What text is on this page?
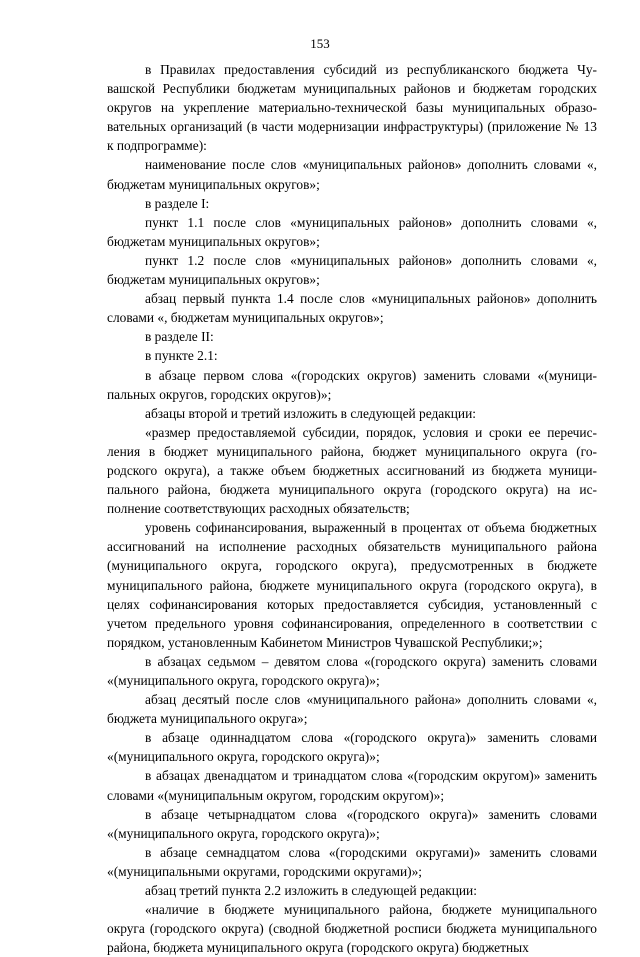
153

в Правилах предоставления субсидий из республиканского бюджета Чувашской Республики бюджетам муниципальных районов и бюджетам городских округов на укрепление материально-технической базы муниципальных образовательных организаций (в части модернизации инфраструктуры) (приложение № 13 к подпрограмме):

наименование после слов «муниципальных районов» дополнить словами «, бюджетам муниципальных округов»;

в разделе I:

пункт 1.1 после слов «муниципальных районов» дополнить словами «, бюджетам муниципальных округов»;

пункт 1.2 после слов «муниципальных районов» дополнить словами «, бюджетам муниципальных округов»;

абзац первый пункта 1.4 после слов «муниципальных районов» дополнить словами «, бюджетам муниципальных округов»;

в разделе II:

в пункте 2.1:

в абзаце первом слова «(городских округов) заменить словами «(муниципальных округов, городских округов)»;

абзацы второй и третий изложить в следующей редакции:

«размер предоставляемой субсидии, порядок, условия и сроки ее перечисления в бюджет муниципального района, бюджет муниципального округа (городского округа), а также объем бюджетных ассигнований из бюджета муниципального района, бюджета муниципального округа (городского округа) на исполнение соответствующих расходных обязательств;

уровень софинансирования, выраженный в процентах от объема бюджетных ассигнований на исполнение расходных обязательств муниципального района (муниципального округа, городского округа), предусмотренных в бюджете муниципального района, бюджете муниципального округа (городского округа), в целях софинансирования которых предоставляется субсидия, установленный с учетом предельного уровня софинансирования, определенного в соответствии с порядком, установленным Кабинетом Министров Чувашской Республики;»;

в абзацах седьмом – девятом слова «(городского округа) заменить словами «(муниципального округа, городского округа)»;

абзац десятый после слов «муниципального района» дополнить словами «, бюджета муниципального округа»;

в абзаце одиннадцатом слова «(городского округа)» заменить словами «(муниципального округа, городского округа)»;

в абзацах двенадцатом и тринадцатом слова «(городским округом)» заменить словами «(муниципальным округом, городским округом)»;

в абзаце четырнадцатом слова «(городского округа)» заменить словами «(муниципального округа, городского округа)»;

в абзаце семнадцатом слова «(городскими округами)» заменить словами «(муниципальными округами, городскими округами)»;

абзац третий пункта 2.2 изложить в следующей редакции:

«наличие в бюджете муниципального района, бюджете муниципального округа (городского округа) (сводной бюджетной росписи бюджета муниципального района, бюджета муниципального округа (городского округа) бюджетных
